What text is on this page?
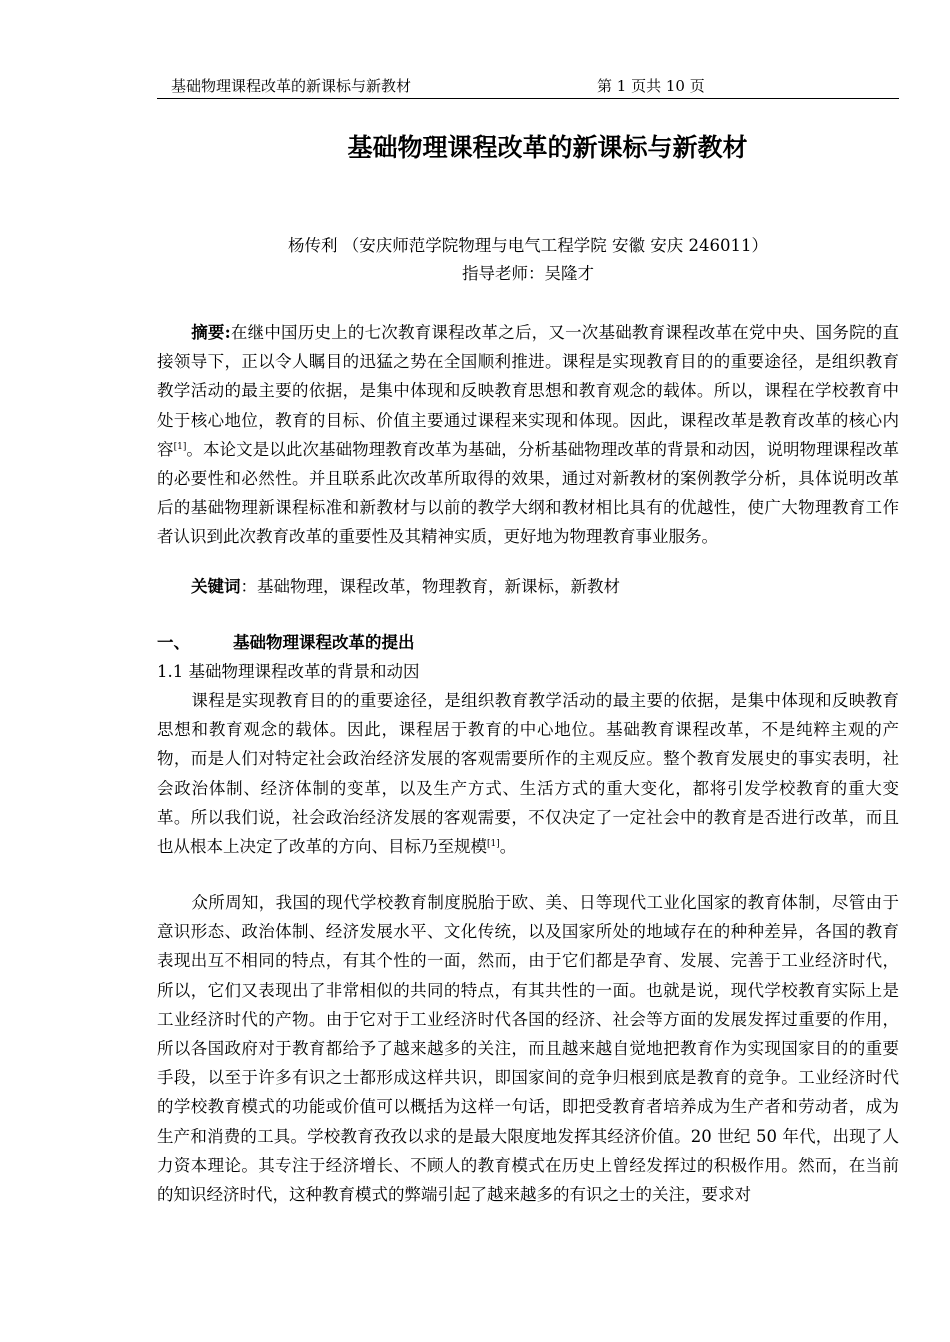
基础物理课程改革的新课标与新教材	第 1 页共 10 页
基础物理课程改革的新课标与新教材
杨传利 （安庆师范学院物理与电气工程学院 安徽 安庆 246011）
指导老师：吴隆才
摘要:在继中国历史上的七次教育课程改革之后，又一次基础教育课程改革在党中央、国务院的直接领导下，正以令人瞩目的迅猛之势在全国顺利推进。课程是实现教育目的的重要途径，是组织教育教学活动的最主要的依据，是集中体现和反映教育思想和教育观念的载体。所以，课程在学校教育中处于核心地位，教育的目标、价值主要通过课程来实现和体现。因此，课程改革是教育改革的核心内容[1]。本论文是以此次基础物理教育改革为基础，分析基础物理改革的背景和动因，说明物理课程改革的必要性和必然性。并且联系此次改革所取得的效果，通过对新教材的案例教学分析，具体说明改革后的基础物理新课程标准和新教材与以前的教学大纲和教材相比具有的优越性，使广大物理教育工作者认识到此次教育改革的重要性及其精神实质，更好地为物理教育事业服务。
关键词：基础物理，课程改革，物理教育，新课标，新教材
一、	基础物理课程改革的提出
1.1 基础物理课程改革的背景和动因
课程是实现教育目的的重要途径，是组织教育教学活动的最主要的依据，是集中体现和反映教育思想和教育观念的载体。因此，课程居于教育的中心地位。基础教育课程改革，不是纯粹主观的产物，而是人们对特定社会政治经济发展的客观需要所作的主观反应。整个教育发展史的事实表明，社会政治体制、经济体制的变革，以及生产方式、生活方式的重大变化，都将引发学校教育的重大变革。所以我们说，社会政治经济发展的客观需要，不仅决定了一定社会中的教育是否进行改革，而且也从根本上决定了改革的方向、目标乃至规模[1]。
众所周知，我国的现代学校教育制度脱胎于欧、美、日等现代工业化国家的教育体制，尽管由于意识形态、政治体制、经济发展水平、文化传统，以及国家所处的地域存在的种种差异，各国的教育表现出互不相同的特点，有其个性的一面，然而，由于它们都是孕育、发展、完善于工业经济时代，所以，它们又表现出了非常相似的共同的特点，有其共性的一面。也就是说，现代学校教育实际上是工业经济时代的产物。由于它对于工业经济时代各国的经济、社会等方面的发展发挥过重要的作用，所以各国政府对于教育都给予了越来越多的关注，而且越来越自觉地把教育作为实现国家目的的重要手段，以至于许多有识之士都形成这样共识，即国家间的竞争归根到底是教育的竞争。工业经济时代的学校教育模式的功能或价值可以概括为这样一句话，即把受教育者培养成为生产者和劳动者，成为生产和消费的工具。学校教育孜孜以求的是最大限度地发挥其经济价值。20 世纪 50 年代，出现了人力资本理论。其专注于经济增长、不顾人的教育模式在历史上曾经发挥过的积极作用。然而，在当前的知识经济时代，这种教育模式的弊端引起了越来越多的有识之士的关注，要求对
